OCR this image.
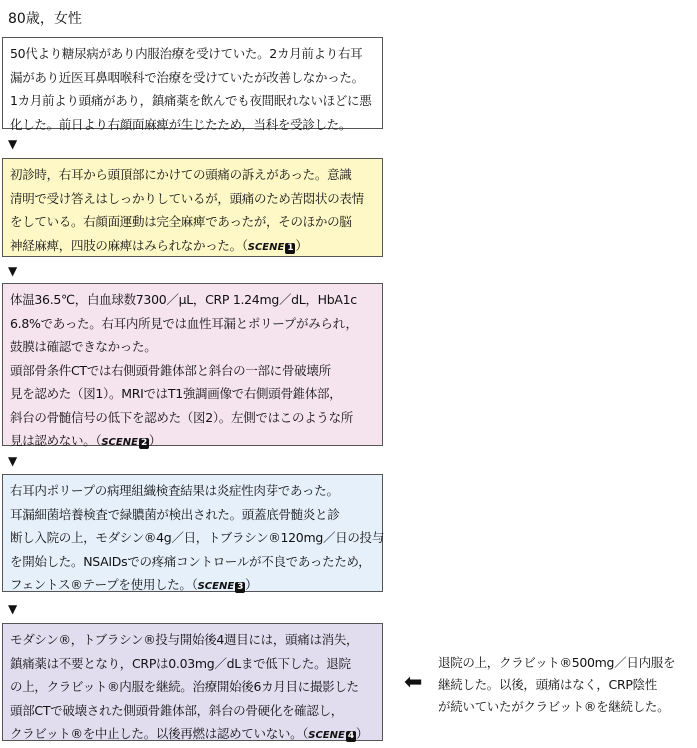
80歳，女性
50代より糖尿病があり内服治療を受けていた。2カ月前より右耳
漏があり近医耳鼻咽喉科で治療を受けていたが改善しなかった。
1カ月前より頭痛があり，鎮痛薬を飲んでも夜間眠れないほどに悪
化した。前日より右顔面麻痺が生じたため，当科を受診した。
▼
初診時，右耳から頭頂部にかけての頭痛の訴えがあった。意識
清明で受け答えはしっかりしているが，頭痛のため苦悶状の表情
をしている。右顔面運動は完全麻痺であったが，そのほかの脳
神経麻痺，四肢の麻痺はみられなかった。（SCENE 1 ）
▼
体温36.5℃，白血球数7300／μL，CRP 1.24mg／dL，HbA1c
6.8%であった。右耳内所見では血性耳漏とポリープがみられ，
鼓膜は確認できなかった。
頭部骨条件CTでは右側頭骨錐体部と斜台の一部に骨破壊所
見を認めた（図1）。MRIではT1強調画像で右側頭骨錐体部，
斜台の骨髄信号の低下を認めた（図2）。左側ではこのような所
見は認めない。（SCENE 2 ）
▼
右耳内ポリープの病理組織検査結果は炎症性肉芽であった。
耳漏細菌培養検査で緑膿菌が検出された。頭蓋底骨髄炎と診
断し入院の上，モダシン®4g／日，トブラシン®120mg／日の投与
を開始した。NSAIDsでの疼痛コントロールが不良であったため，
フェントス®テープを使用した。（SCENE 3 ）
▼
モダシン®，トブラシン®投与開始後4週目には，頭痛は消失，
鎮痛薬は不要となり，CRPは0.03mg／dLまで低下した。退院
の上，クラビット®内服を継続。治療開始後6カ月目に撮影した
頭部CTで破壊された側頭骨錐体部，斜台の骨硬化を確認し，
クラビット®を中止した。以後再燃は認めていない。（SCENE 4 ）
⬅
退院の上，クラビット®500mg／日内服を
継続した。以後，頭痛はなく，CRP陰性
が続いていたがクラビット®を継続した。
